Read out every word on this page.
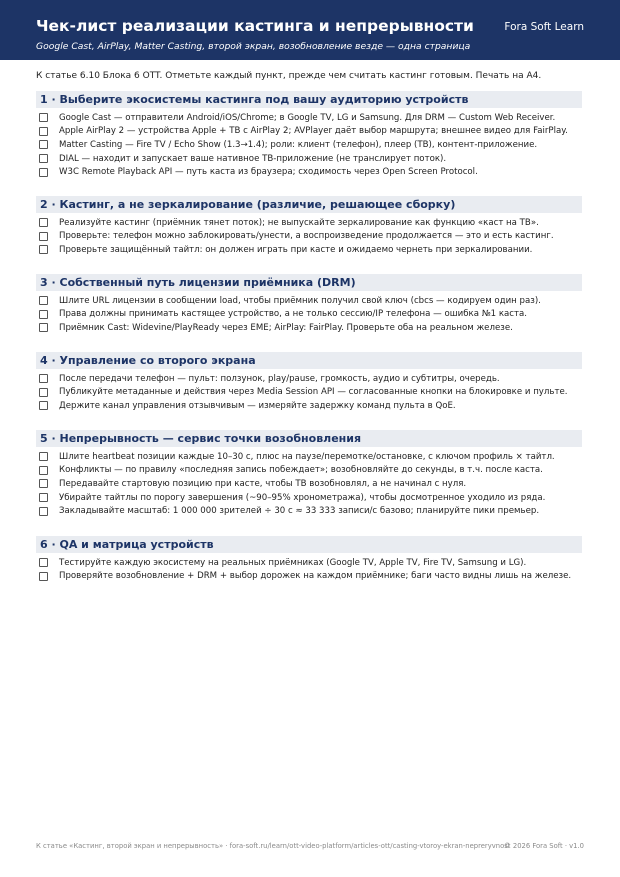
Чек-лист реализации кастинга и непрерывности	Fora Soft Learn
Google Cast, AirPlay, Matter Casting, второй экран, возобновление везде — одна страница
К статье 6.10 Блока 6 OTT. Отметьте каждый пункт, прежде чем считать кастинг готовым. Печать на A4.
1 · Выберите экосистемы кастинга под вашу аудиторию устройств
Google Cast — отправители Android/iOS/Chrome; в Google TV, LG и Samsung. Для DRM — Custom Web Receiver.
Apple AirPlay 2 — устройства Apple + ТВ с AirPlay 2; AVPlayer даёт выбор маршрута; внешнее видео для FairPlay.
Matter Casting — Fire TV / Echo Show (1.3→1.4); роли: клиент (телефон), плеер (ТВ), контент-приложение.
DIAL — находит и запускает ваше нативное ТВ-приложение (не транслирует поток).
W3C Remote Playback API — путь каста из браузера; сходимость через Open Screen Protocol.
2 · Кастинг, а не зеркалирование (различие, решающее сборку)
Реализуйте кастинг (приёмник тянет поток); не выпускайте зеркалирование как функцию «каст на ТВ».
Проверьте: телефон можно заблокировать/унести, а воспроизведение продолжается — это и есть кастинг.
Проверьте защищённый тайтл: он должен играть при касте и ожидаемо чернеть при зеркалировании.
3 · Собственный путь лицензии приёмника (DRM)
Шлите URL лицензии в сообщении load, чтобы приёмник получил свой ключ (cbcs — кодируем один раз).
Права должны принимать кастящее устройство, а не только сессию/IP телефона — ошибка №1 каста.
Приёмник Cast: Widevine/PlayReady через EME; AirPlay: FairPlay. Проверьте оба на реальном железе.
4 · Управление со второго экрана
После передачи телефон — пульт: ползунок, play/pause, громкость, аудио и субтитры, очередь.
Публикуйте метаданные и действия через Media Session API — согласованные кнопки на блокировке и пульте.
Держите канал управления отзывчивым — измеряйте задержку команд пульта в QoE.
5 · Непрерывность — сервис точки возобновления
Шлите heartbeat позиции каждые 10–30 с, плюс на паузе/перемотке/остановке, с ключом профиль × тайтл.
Конфликты — по правилу «последняя запись побеждает»; возобновляйте до секунды, в т.ч. после каста.
Передавайте стартовую позицию при касте, чтобы ТВ возобновлял, а не начинал с нуля.
Убирайте тайтлы по порогу завершения (~90–95% хронометража), чтобы досмотренное уходило из ряда.
Закладывайте масштаб: 1 000 000 зрителей ÷ 30 с ≈ 33 333 записи/с базово; планируйте пики премьер.
6 · QA и матрица устройств
Тестируйте каждую экосистему на реальных приёмниках (Google TV, Apple TV, Fire TV, Samsung и LG).
Проверяйте возобновление + DRM + выбор дорожек на каждом приёмнике; баги часто видны лишь на железе.
К статье «Кастинг, второй экран и непрерывность» · fora-soft.ru/learn/ott-video-platform/articles-ott/casting-vtoroy-ekran-nepreryvnost
© 2026 Fora Soft · v1.0
